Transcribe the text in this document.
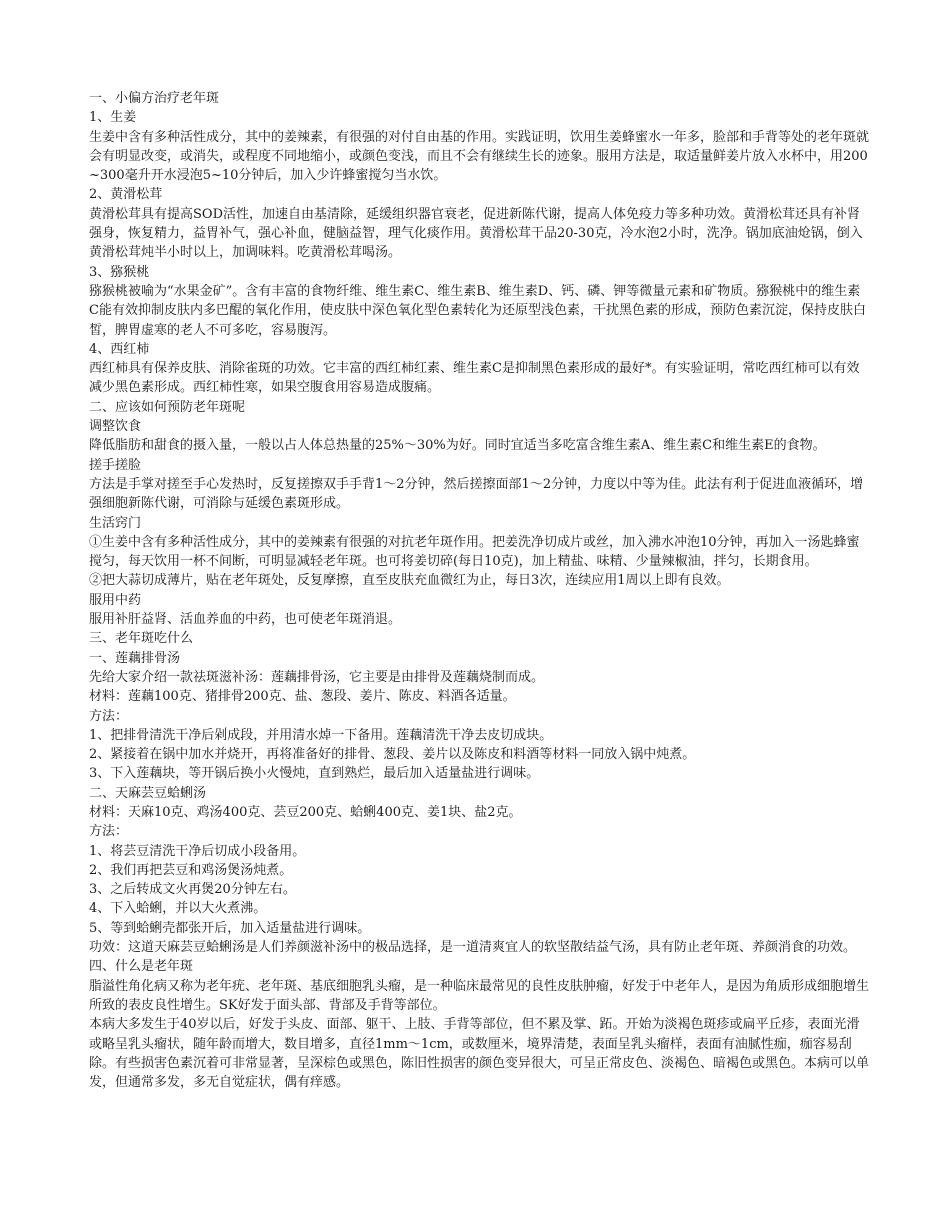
一、小偏方治疗老年斑

1、生姜

生姜中含有多种活性成分，其中的姜辣素，有很强的对付自由基的作用。实践证明，饮用生姜蜂蜜水一年多，脸部和手背等处的老年斑就会有明显改变，或消失，或程度不同地缩小，或颜色变浅，而且不会有继续生长的迹象。服用方法是，取适量鲜姜片放入水杯中，用200~300毫升开水浸泡5~10分钟后，加入少许蜂蜜搅匀当水饮。

2、黄滑松茸

黄滑松茸具有提高SOD活性，加速自由基清除，延缓组织器官衰老，促进新陈代谢，提高人体免疫力等多种功效。黄滑松茸还具有补肾强身，恢复精力，益胃补气，强心补血，健脑益智，理气化痰作用。黄滑松茸干品20-30克，冷水泡2小时，洗净。锅加底油炝锅，倒入黄滑松茸炖半小时以上，加调味料。吃黄滑松茸喝汤。

3、猕猴桃

猕猴桃被喻为“水果金矿”。含有丰富的食物纤维、维生素C、维生素B、维生素D、钙、磷、钾等微量元素和矿物质。猕猴桃中的维生素C能有效抑制皮肤内多巴醌的氧化作用，使皮肤中深色氧化型色素转化为还原型浅色素，干扰黑色素的形成，预防色素沉淀，保持皮肤白皙，脾胃虚寒的老人不可多吃，容易腹泻。

4、西红柿

西红柿具有保养皮肤、消除雀斑的功效。它丰富的西红柿红素、维生素C是抑制黑色素形成的最好*。有实验证明，常吃西红柿可以有效减少黑色素形成。西红柿性寒，如果空腹食用容易造成腹痛。

二、应该如何预防老年斑呢

调整饮食

降低脂肪和甜食的摄入量，一般以占人体总热量的25%～30%为好。同时宜适当多吃富含维生素A、维生素C和维生素E的食物。

搓手搓脸

方法是手掌对搓至手心发热时，反复搓擦双手手背1～2分钟，然后搓擦面部1～2分钟，力度以中等为佳。此法有利于促进血液循环，增强细胞新陈代谢，可消除与延缓色素斑形成。

生活窍门

①生姜中含有多种活性成分，其中的姜辣素有很强的对抗老年斑作用。把姜洗净切成片或丝，加入沸水冲泡10分钟，再加入一汤匙蜂蜜搅匀，每天饮用一杯不间断，可明显减轻老年斑。也可将姜切碎(每日10克)，加上精盐、味精、少量辣椒油，拌匀，长期食用。

②把大蒜切成薄片，贴在老年斑处，反复摩擦，直至皮肤充血微红为止，每日3次，连续应用1周以上即有良效。

服用中药

服用补肝益肾、活血养血的中药，也可使老年斑消退。

三、老年斑吃什么

一、莲藕排骨汤

先给大家介绍一款祛斑滋补汤：莲藕排骨汤，它主要是由排骨及莲藕烧制而成。

材料：莲藕100克、猪排骨200克、盐、葱段、姜片、陈皮、料酒各适量。

方法：

1、把排骨清洗干净后剁成段，并用清水焯一下备用。莲藕清洗干净去皮切成块。

2、紧接着在锅中加水并烧开，再将准备好的排骨、葱段、姜片以及陈皮和料酒等材料一同放入锅中炖煮。

3、下入莲藕块，等开锅后换小火慢炖，直到熟烂，最后加入适量盐进行调味。

二、天麻芸豆蛤蜊汤

材料：天麻10克、鸡汤400克、芸豆200克、蛤蜊400克、姜1块、盐2克。

方法：

1、将芸豆清洗干净后切成小段备用。

2、我们再把芸豆和鸡汤煲汤炖煮。

3、之后转成文火再煲20分钟左右。

4、下入蛤蜊，并以大火煮沸。

5、等到蛤蜊壳都张开后，加入适量盐进行调味。

功效：这道天麻芸豆蛤蜊汤是人们养颜滋补汤中的极品选择，是一道清爽宜人的软坚散结益气汤，具有防止老年斑、养颜消食的功效。

四、什么是老年斑

脂溢性角化病又称为老年疣、老年斑、基底细胞乳头瘤，是一种临床最常见的良性皮肤肿瘤，好发于中老年人，是因为角质形成细胞增生所致的表皮良性增生。SK好发于面头部、背部及手背等部位。

本病大多发生于40岁以后，好发于头皮、面部、躯干、上肢、手背等部位，但不累及掌、跖。开始为淡褐色斑疹或扁平丘疹，表面光滑或略呈乳头瘤状，随年龄而增大，数目增多，直径1mm～1cm，或数厘米，境界清楚，表面呈乳头瘤样，表面有油腻性痂，痂容易刮除。有些损害色素沉着可非常显著，呈深棕色或黑色，陈旧性损害的颜色变异很大，可呈正常皮色、淡褐色、暗褐色或黑色。本病可以单发，但通常多发，多无自觉症状，偶有痒感。
